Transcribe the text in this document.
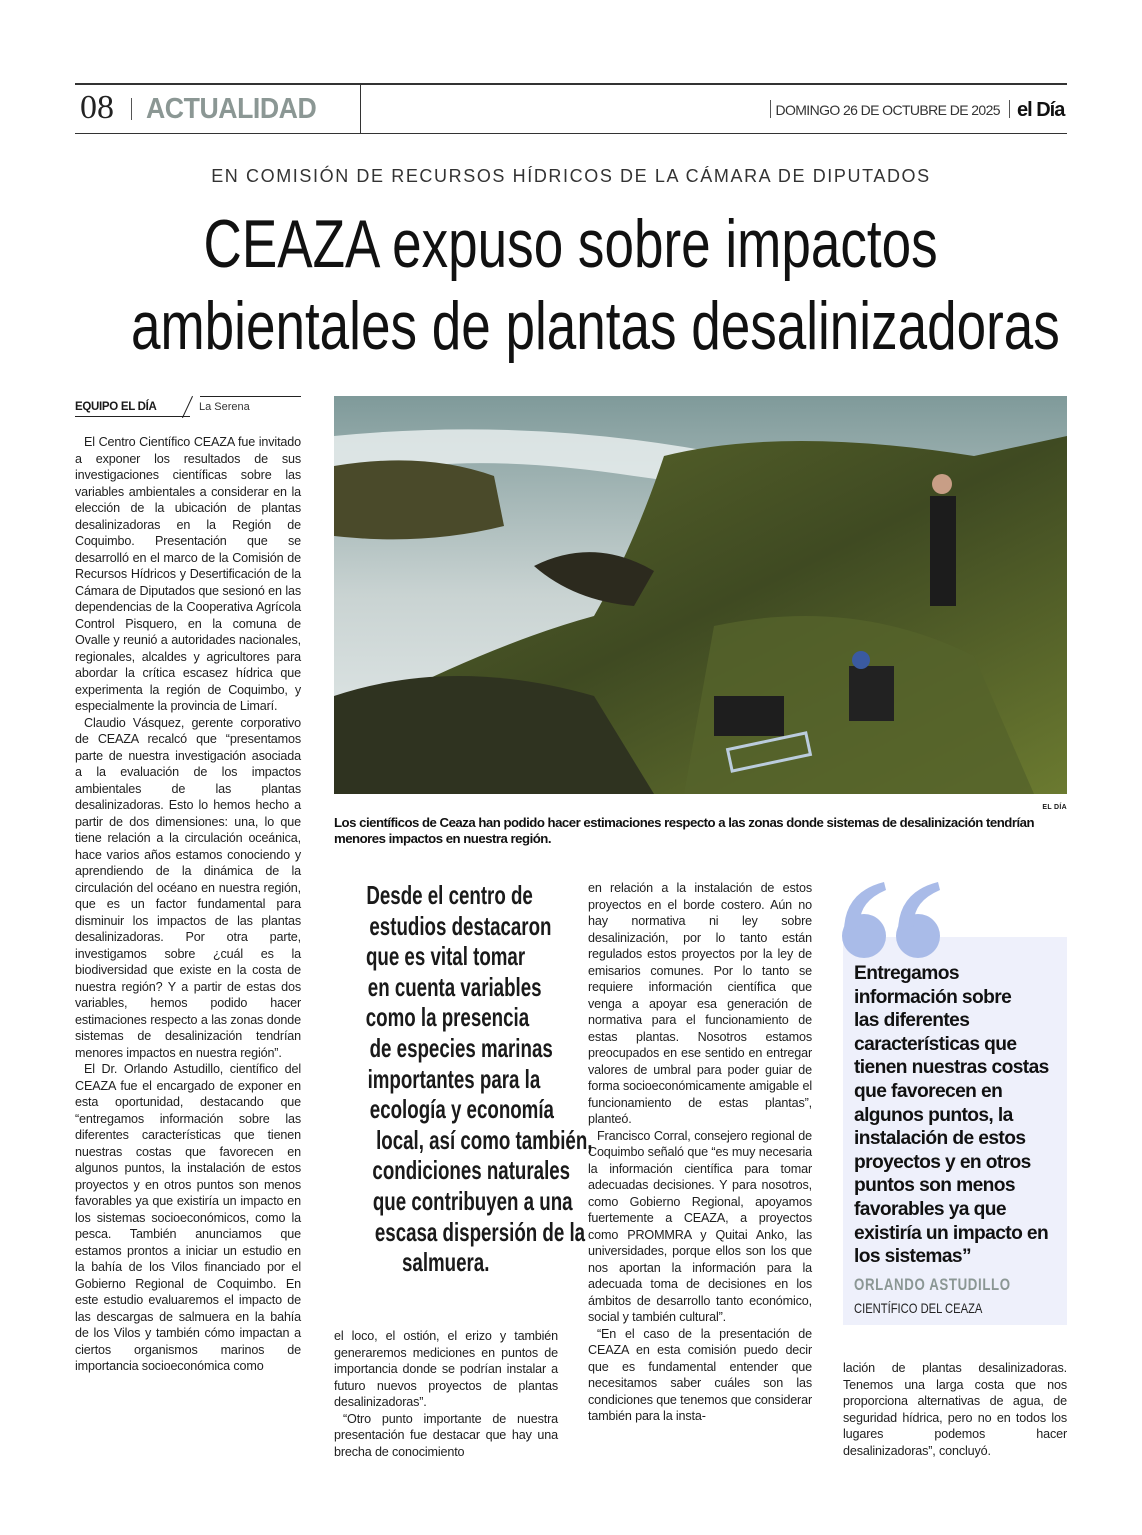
08 ACTUALIDAD	DOMINGO 26 DE OCTUBRE DE 2025 el Día
EN COMISIÓN DE RECURSOS HÍDRICOS DE LA CÁMARA DE DIPUTADOS
CEAZA expuso sobre impactos
ambientales de plantas desalinizadoras
EQUIPO EL DÍA	La Serena

El Centro Científico CEAZA fue invitado a exponer los resultados de sus investigaciones científicas sobre las variables ambientales a considerar en la elección de la ubicación de plantas desalinizadoras en la Región de Coquimbo. Presentación que se desarrolló en el marco de la Comisión de Recursos Hídricos y Desertificación de la Cámara de Diputados que sesionó en las dependencias de la Cooperativa Agrícola Control Pisquero, en la comuna de Ovalle y reunió a autoridades nacionales, regionales, alcaldes y agricultores para abordar la crítica escasez hídrica que experimenta la región de Coquimbo, y especialmente la provincia de Limarí.

Claudio Vásquez, gerente corporativo de CEAZA recalcó que “presentamos parte de nuestra investigación asociada a la evaluación de los impactos ambientales de las plantas desalinizadoras. Esto lo hemos hecho a partir de dos dimensiones: una, lo que tiene relación a la circulación oceánica, hace varios años estamos conociendo y aprendiendo de la dinámica de la circulación del océano en nuestra región, que es un factor fundamental para disminuir los impactos de las plantas desalinizadoras. Por otra parte, investigamos sobre ¿cuál es la biodiversidad que existe en la costa de nuestra región? Y a partir de estas dos variables, hemos podido hacer estimaciones respecto a las zonas donde sistemas de desalinización tendrían menores impactos en nuestra región”.

El Dr. Orlando Astudillo, científico del CEAZA fue el encargado de exponer en esta oportunidad, destacando que “entregamos información sobre las diferentes características que tienen nuestras costas que favorecen en algunos puntos, la instalación de estos proyectos y en otros puntos son menos favorables ya que existiría un impacto en los sistemas socioeconómicos, como la pesca. También anunciamos que estamos prontos a iniciar un estudio en la bahía de los Vilos financiado por el Gobierno Regional de Coquimbo. En este estudio evaluaremos el impacto de las descargas de salmuera en la bahía de los Vilos y también cómo impactan a ciertos organismos marinos de importancia socioeconómica como

EL DÍA
Los científicos de Ceaza han podido hacer estimaciones respecto a las zonas donde sistemas de desalinización tendrían menores impactos en nuestra región.
Desde el centro de
estudios destacaron
que es vital tomar
en cuenta variables
como la presencia
de especies marinas
importantes para la
ecología y economía
local, así como también,
condiciones naturales
que contribuyen a una
escasa dispersión de la
salmuera.

el loco, el ostión, el erizo y también generaremos mediciones en puntos de importancia donde se podrían instalar a futuro nuevos proyectos de plantas desalinizadoras”.

“Otro punto importante de nuestra presentación fue destacar que hay una brecha de conocimiento

en relación a la instalación de estos proyectos en el borde costero. Aún no hay normativa ni ley sobre desalinización, por lo tanto están regulados estos proyectos por la ley de emisarios comunes. Por lo tanto se requiere información científica que venga a apoyar esa generación de normativa para el funcionamiento de estas plantas. Nosotros estamos preocupados en ese sentido en entregar valores de umbral para poder guiar de forma socioeconómicamente amigable el funcionamiento de estas plantas”, planteó.

Francisco Corral, consejero regional de Coquimbo señaló que “es muy necesaria la información científica para tomar adecuadas decisiones. Y para nosotros, como Gobierno Regional, apoyamos fuertemente a CEAZA, a proyectos como PROMMRA y Quitai Anko, las universidades, porque ellos son los que nos aportan la información para la adecuada toma de decisiones en los ámbitos de desarrollo tanto económico, social y también cultural”.

“En el caso de la presentación de CEAZA en esta comisión puedo decir que es fundamental entender que necesitamos saber cuáles son las condiciones que tenemos que considerar también para la insta-

Entregamos
información sobre
las diferentes
características que
tienen nuestras costas
que favorecen en
algunos puntos, la
instalación de estos
proyectos y en otros
puntos son menos
favorables ya que
existiría un impacto en
los sistemas”
ORLANDO ASTUDILLO
CIENTÍFICO DEL CEAZA

lación de plantas desalinizadoras. Tenemos una larga costa que nos proporciona alternativas de agua, de seguridad hídrica, pero no en todos los lugares podemos hacer desalinizadoras”, concluyó.
